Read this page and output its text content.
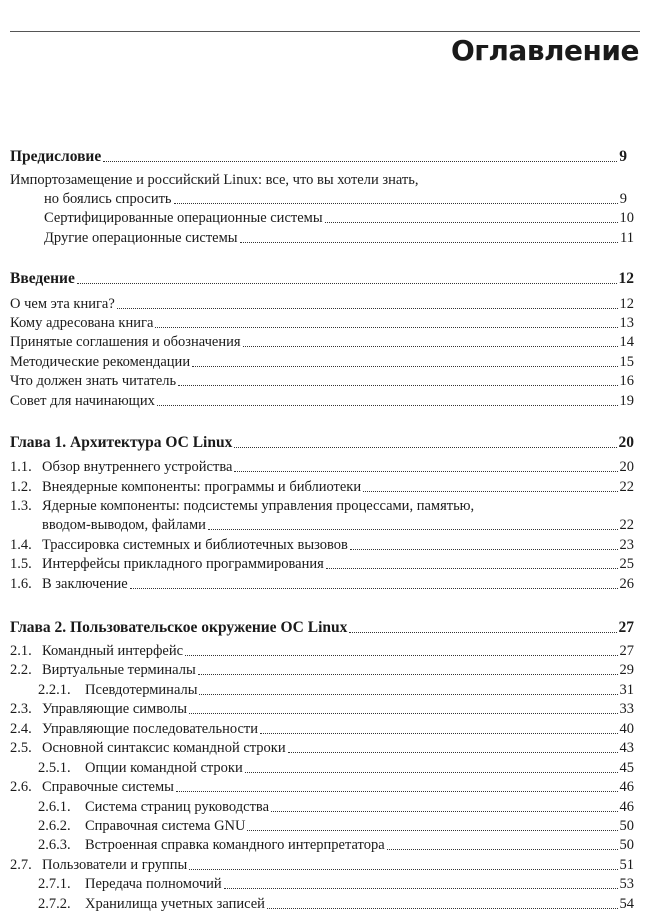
Оглавление
Предисловие	9
Импортозамещение и российский Linux: все, что вы хотели знать,
но боялись спросить	9
Сертифицированные операционные системы	10
Другие операционные системы	11
Введение	12
О чем эта книга?	12
Кому адресована книга	13
Принятые соглашения и обозначения	14
Методические рекомендации	15
Что должен знать читатель	16
Совет для начинающих	19
Глава 1. Архитектура ОС Linux	20
1.1. Обзор внутреннего устройства	20
1.2. Внеядерные компоненты: программы и библиотеки	22
1.3. Ядерные компоненты: подсистемы управления процессами, памятью,
вводом-выводом, файлами	22
1.4. Трассировка системных и библиотечных вызовов	23
1.5. Интерфейсы прикладного программирования	25
1.6. В заключение	26
Глава 2. Пользовательское окружение ОС Linux	27
2.1. Командный интерфейс	27
2.2. Виртуальные терминалы	29
2.2.1. Псевдотерминалы	31
2.3. Управляющие символы	33
2.4. Управляющие последовательности	40
2.5. Основной синтаксис командной строки	43
2.5.1. Опции командной строки	45
2.6. Справочные системы	46
2.6.1. Система страниц руководства	46
2.6.2. Справочная система GNU	50
2.6.3. Встроенная справка командного интерпретатора	50
2.7. Пользователи и группы	51
2.7.1. Передача полномочий	53
2.7.2. Хранилища учетных записей	54
